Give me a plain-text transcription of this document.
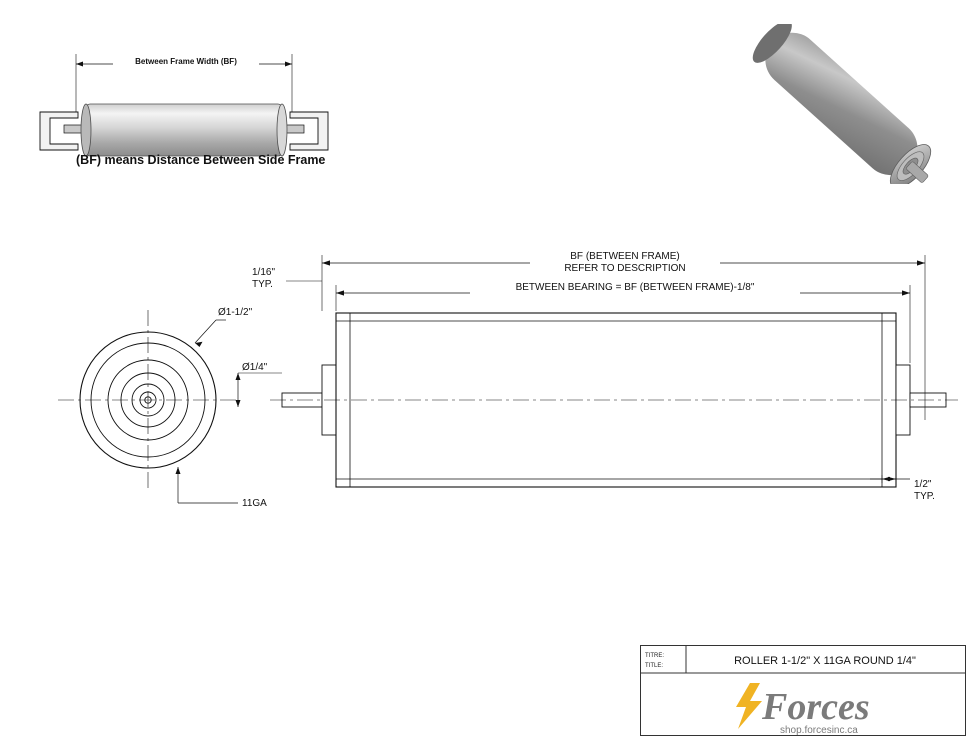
Between Frame Width (BF)
(BF) means Distance Between Side Frame
Ø1-1/2"
11GA
Ø1/4"
BF (BETWEEN FRAME)
REFER TO DESCRIPTION
BETWEEN BEARING = BF (BETWEEN FRAME)-1/8"
1/16"
TYP.
1/2"
TYP.
TITRE:
TITLE:	ROLLER 1-1/2" X 11GA ROUND 1/4"
Forces
shop.forcesinc.ca
